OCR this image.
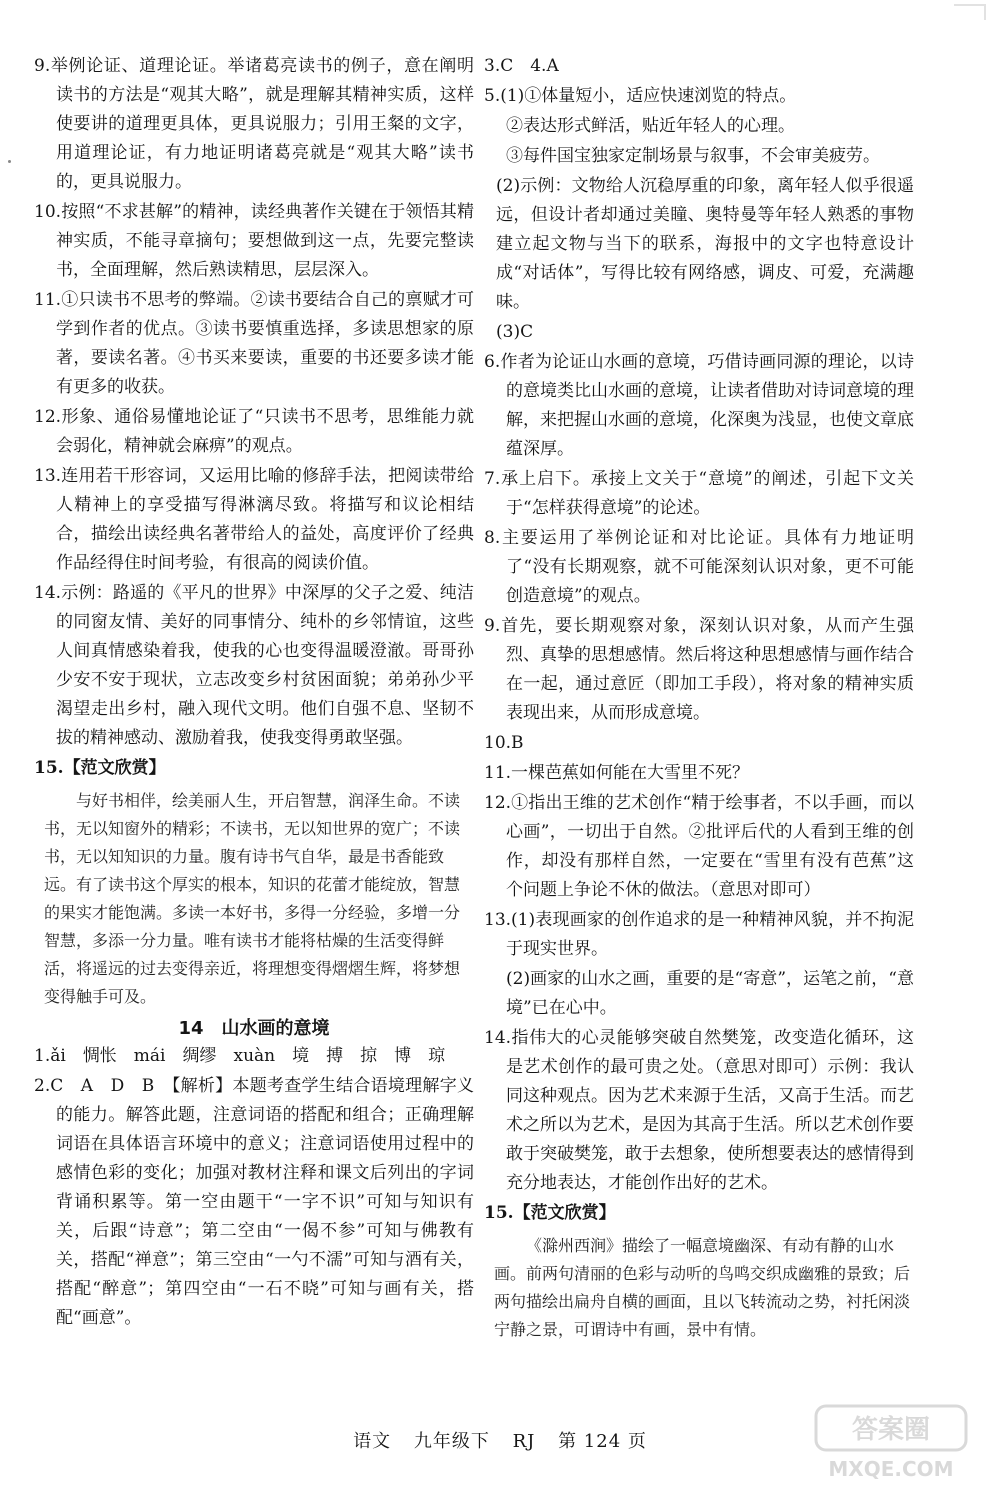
9.举例论证、道理论证。举诸葛亮读书的例子，意在阐明读书的方法是“观其大略”，就是理解其精神实质，这样使要讲的道理更具体，更具说服力；引用王粲的文字，用道理论证，有力地证明诸葛亮就是“观其大略”读书的，更具说服力。

10.按照“不求甚解”的精神，读经典著作关键在于领悟其精神实质，不能寻章摘句；要想做到这一点，先要完整读书，全面理解，然后熟读精思，层层深入。

11.①只读书不思考的弊端。②读书要结合自己的禀赋才可学到作者的优点。③读书要慎重选择，多读思想家的原著，要读名著。④书买来要读，重要的书还要多读才能有更多的收获。

12.形象、通俗易懂地论证了“只读书不思考，思维能力就会弱化，精神就会麻痹”的观点。

13.连用若干形容词，又运用比喻的修辞手法，把阅读带给人精神上的享受描写得淋漓尽致。将描写和议论相结合，描绘出读经典名著带给人的益处，高度评价了经典作品经得住时间考验，有很高的阅读价值。

14.示例：路遥的《平凡的世界》中深厚的父子之爱、纯洁的同窗友情、美好的同事情分、纯朴的乡邻情谊，这些人间真情感染着我，使我的心也变得温暖澄澈。哥哥孙少安不安于现状，立志改变乡村贫困面貌；弟弟孙少平渴望走出乡村，融入现代文明。他们自强不息、坚韧不拔的精神感动、激励着我，使我变得勇敢坚强。

15.【范文欣赏】

与好书相伴，绘美丽人生，开启智慧，润泽生命。不读书，无以知窗外的精彩；不读书，无以知世界的宽广；不读书，无以知知识的力量。腹有诗书气自华，最是书香能致远。有了读书这个厚实的根本，知识的花蕾才能绽放，智慧的果实才能饱满。多读一本好书，多得一分经验，多增一分智慧，多添一分力量。唯有读书才能将枯燥的生活变得鲜活，将遥远的过去变得亲近，将理想变得熠熠生辉，将梦想变得触手可及。

14　山水画的意境

1.ǎi　惆怅　mái　绸缪　xuàn　境　搏　掠　博　琼

2.C　A　D　B　【解析】本题考查学生结合语境理解字义的能力。解答此题，注意词语的搭配和组合；正确理解词语在具体语言环境中的意义；注意词语使用过程中的感情色彩的变化；加强对教材注释和课文后列出的字词背诵积累等。第一空由题干“一字不识”可知与知识有关，后跟“诗意”；第二空由“一偈不参”可知与佛教有关，搭配“禅意”；第三空由“一勺不濡”可知与酒有关，搭配“醉意”；第四空由“一石不晓”可知与画有关，搭配“画意”。

3.C　4.A

5.(1)①体量短小，适应快速浏览的特点。

②表达形式鲜活，贴近年轻人的心理。

③每件国宝独家定制场景与叙事，不会审美疲劳。

(2)示例：文物给人沉稳厚重的印象，离年轻人似乎很遥远，但设计者却通过美瞳、奥特曼等年轻人熟悉的事物建立起文物与当下的联系，海报中的文字也特意设计成“对话体”，写得比较有网络感，调皮、可爱，充满趣味。

(3)C

6.作者为论证山水画的意境，巧借诗画同源的理论，以诗的意境类比山水画的意境，让读者借助对诗词意境的理解，来把握山水画的意境，化深奥为浅显，也使文章底蕴深厚。

7.承上启下。承接上文关于“意境”的阐述，引起下文关于“怎样获得意境”的论述。

8.主要运用了举例论证和对比论证。具体有力地证明了“没有长期观察，就不可能深刻认识对象，更不可能创造意境”的观点。

9.首先，要长期观察对象，深刻认识对象，从而产生强烈、真挚的思想感情。然后将这种思想感情与画作结合在一起，通过意匠（即加工手段），将对象的精神实质表现出来，从而形成意境。

10.B

11.一棵芭蕉如何能在大雪里不死？

12.①指出王维的艺术创作“精于绘事者，不以手画，而以心画”，一切出于自然。②批评后代的人看到王维的创作，却没有那样自然，一定要在“雪里有没有芭蕉”这个问题上争论不休的做法。（意思对即可）

13.(1)表现画家的创作追求的是一种精神风貌，并不拘泥于现实世界。

(2)画家的山水之画，重要的是“寄意”，运笔之前，“意境”已在心中。

14.指伟大的心灵能够突破自然樊笼，改变造化循环，这是艺术创作的最可贵之处。（意思对即可）示例：我认同这种观点。因为艺术来源于生活，又高于生活。而艺术之所以为艺术，是因为其高于生活。所以艺术创作要敢于突破樊笼，敢于去想象，使所想要表达的感情得到充分地表达，才能创作出好的艺术。

15.【范文欣赏】

《滁州西涧》描绘了一幅意境幽深、有动有静的山水画。前两句清丽的色彩与动听的鸟鸣交织成幽雅的景致；后两句描绘出扁舟自横的画面，且以飞转流动之势，衬托闲淡宁静之景，可谓诗中有画，景中有情。

语文 九年级下 RJ 第 124 页	答案圈
MXQE.COM
